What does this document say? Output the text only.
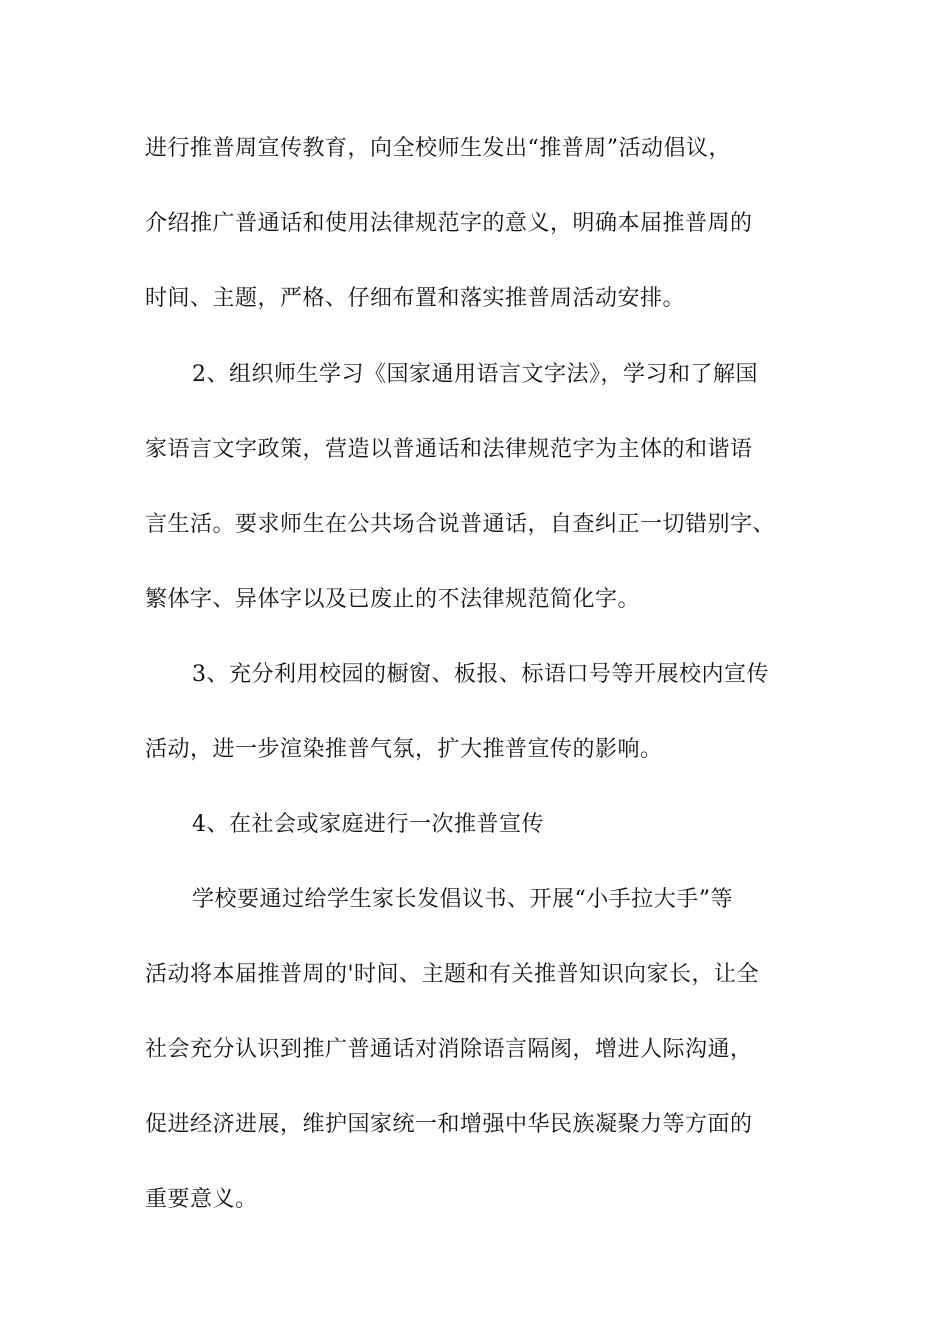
进行推普周宣传教育，向全校师生发出“推普周”活动倡议，
介绍推广普通话和使用法律规范字的意义，明确本届推普周的
时间、主题，严格、仔细布置和落实推普周活动安排。
2、组织师生学习《国家通用语言文字法》，学习和了解国
家语言文字政策，营造以普通话和法律规范字为主体的和谐语
言生活。要求师生在公共场合说普通话，自查纠正一切错别字、
繁体字、异体字以及已废止的不法律规范简化字。
3、充分利用校园的橱窗、板报、标语口号等开展校内宣传
活动，进一步渲染推普气氛，扩大推普宣传的影响。
4、在社会或家庭进行一次推普宣传
学校要通过给学生家长发倡议书、开展“小手拉大手”等
活动将本届推普周的'时间、主题和有关推普知识向家长，让全
社会充分认识到推广普通话对消除语言隔阂，增进人际沟通，
促进经济进展，维护国家统一和增强中华民族凝聚力等方面的
重要意义。
